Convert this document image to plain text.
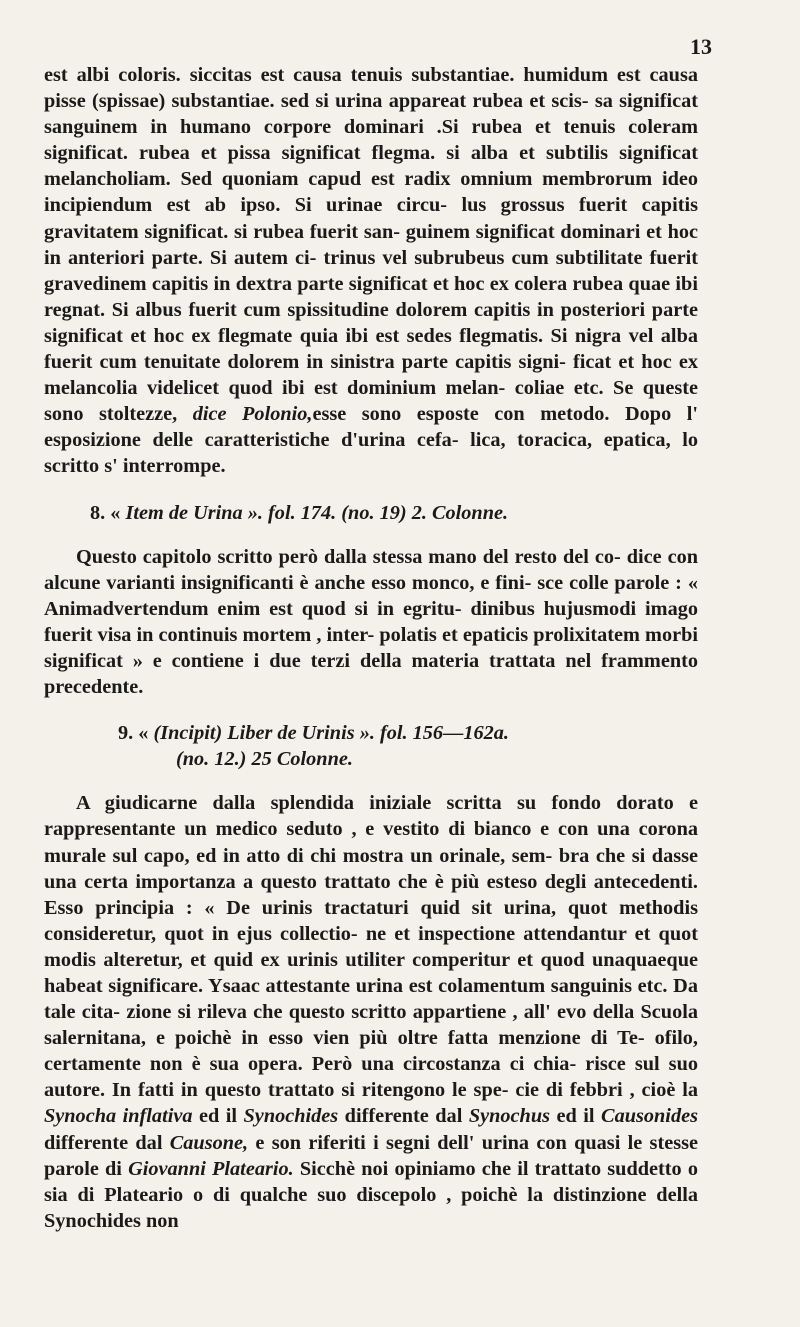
13
est albi coloris. siccitas est causa tenuis substantiae. humidum est causa pisse (spissae) substantiae. sed si urina appareat rubea et scis- sa significat sanguinem in humano corpore dominari .Si rubea et tenuis coleram significat. rubea et pissa significat flegma. si alba et subtilis significat melancholiam. Sed quoniam capud est radix omnium membrorum ideo incipiendum est ab ipso. Si urinae circu- lus grossus fuerit capitis gravitatem significat. si rubea fuerit san- guinem significat dominari et hoc in anteriori parte. Si autem ci- trinus vel subrubeus cum subtilitate fuerit gravedinem capitis in dextra parte significat et hoc ex colera rubea quae ibi regnat. Si albus fuerit cum spissitudine dolorem capitis in posteriori parte significat et hoc ex flegmate quia ibi est sedes flegmatis. Si nigra vel alba fuerit cum tenuitate dolorem in sinistra parte capitis signi- ficat et hoc ex melancolia videlicet quod ibi est dominium melan- coliae etc. Se queste sono stoltezze, dice Polonio,esse sono esposte con metodo. Dopo l' esposizione delle caratteristiche d'urina cefa- lica, toracica, epatica, lo scritto s' interrompe.
8. « Item de Urina ». fol. 174. (no. 19) 2. Colonne.
Questo capitolo scritto però dalla stessa mano del resto del co- dice con alcune varianti insignificanti è anche esso monco, e fini- sce colle parole : « Animadvertendum enim est quod si in egritu- dinibus hujusmodi imago fuerit visa in continuis mortem , inter- polatis et epaticis prolixitatem morbi significat » e contiene i due terzi della materia trattata nel frammento precedente.
9. « (Incipit) Liber de Urinis ». fol. 156—162a.
(no. 12.) 25 Colonne.
A giudicarne dalla splendida iniziale scritta su fondo dorato e rappresentante un medico seduto , e vestito di bianco e con una corona murale sul capo, ed in atto di chi mostra un orinale, sem- bra che si dasse una certa importanza a questo trattato che è più esteso degli antecedenti. Esso principia : « De urinis tractaturi quid sit urina, quot methodis consideretur, quot in ejus collectio- ne et inspectione attendantur et quot modis alteretur, et quid ex urinis utiliter comperitur et quod unaquaeque habeat significare. Ysaac attestante urina est colamentum sanguinis etc. Da tale cita- zione si rileva che questo scritto appartiene , all' evo della Scuola salernitana, e poichè in esso vien più oltre fatta menzione di Te- ofilo, certamente non è sua opera. Però una circostanza ci chia- risce sul suo autore. In fatti in questo trattato si ritengono le spe- cie di febbri , cioè la Synocha inflativa ed il Synochides differente dal Synochus ed il Causonides differente dal Causone, e son riferiti i segni dell' urina con quasi le stesse parole di Giovanni Plateario. Sicchè noi opiniamo che il trattato suddetto o sia di Plateario o di qualche suo discepolo , poichè la distinzione della Synochides non
